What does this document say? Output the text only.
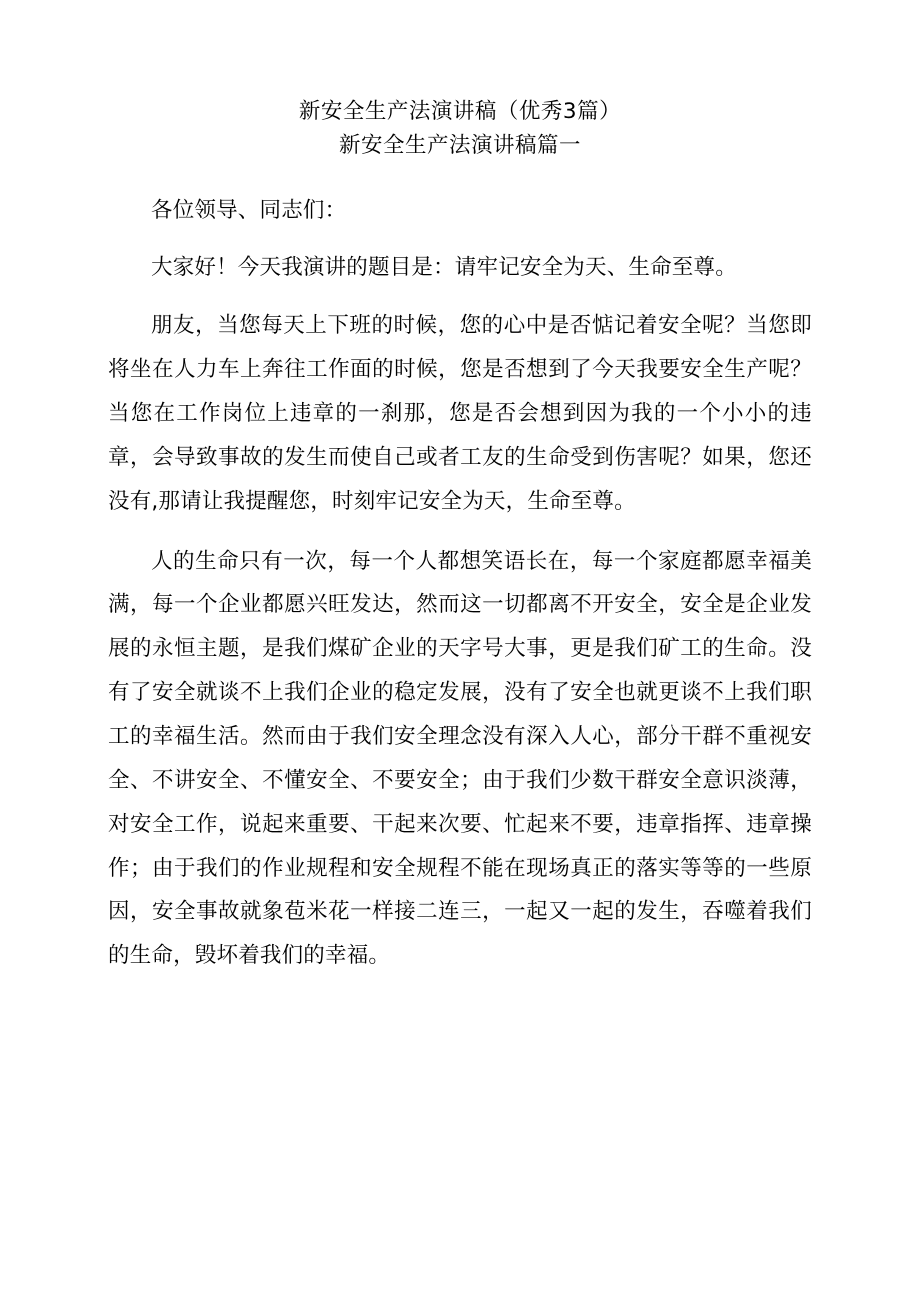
新安全生产法演讲稿（优秀3篇）
新安全生产法演讲稿篇一

各位领导、同志们：

大家好！今天我演讲的题目是：请牢记安全为天、生命至尊。

朋友，当您每天上下班的时候，您的心中是否惦记着安全呢？当您即将坐在人力车上奔往工作面的时候，您是否想到了今天我要安全生产呢？当您在工作岗位上违章的一刹那，您是否会想到因为我的一个小小的违章，会导致事故的发生而使自己或者工友的生命受到伤害呢？如果，您还没有,那请让我提醒您，时刻牢记安全为天，生命至尊。

人的生命只有一次，每一个人都想笑语长在，每一个家庭都愿幸福美满，每一个企业都愿兴旺发达，然而这一切都离不开安全，安全是企业发展的永恒主题，是我们煤矿企业的天字号大事，更是我们矿工的生命。没有了安全就谈不上我们企业的稳定发展，没有了安全也就更谈不上我们职工的幸福生活。然而由于我们安全理念没有深入人心，部分干群不重视安全、不讲安全、不懂安全、不要安全；由于我们少数干群安全意识淡薄，对安全工作，说起来重要、干起来次要、忙起来不要，违章指挥、违章操作；由于我们的作业规程和安全规程不能在现场真正的落实等等的一些原因，安全事故就象苞米花一样接二连三，一起又一起的发生，吞噬着我们的生命，毁坏着我们的幸福。
